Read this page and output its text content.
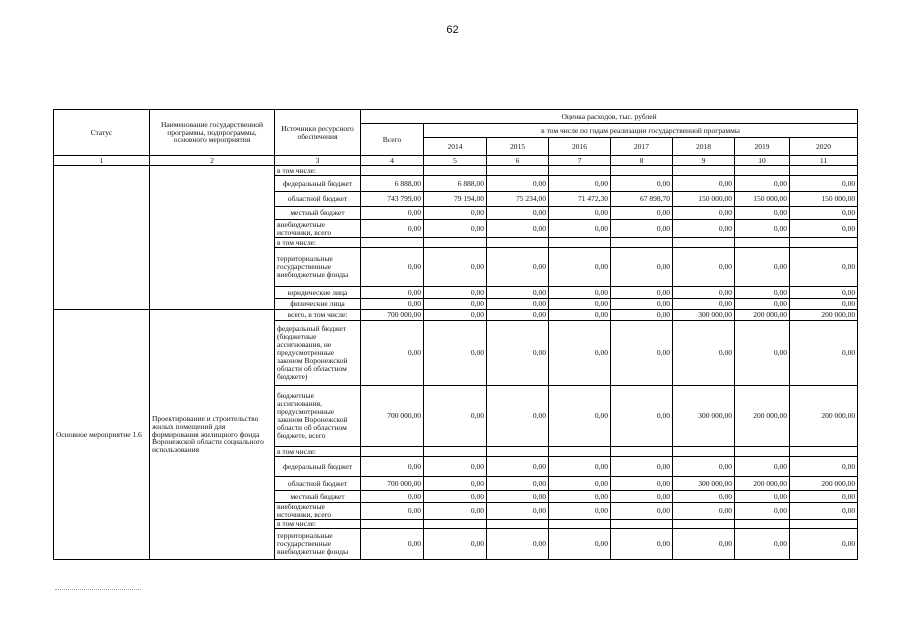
62
Статус	Наименование государственной программы, подпрограммы, основного мероприятия	Источники ресурсного обеспечения	Оценка расходов, тыс. рублей							
			Всего	в том числе по годам реализации государственной программы						
				2014	2015	2016	2017	2018	2019	2020
1	2	3	4	5	6	7	8	9	10	11
		в том числе:								
		федеральный бюджет	6 888,00	6 888,00	0,00	0,00	0,00	0,00	0,00	0,00
		областной бюджет	743 799,00	79 194,00	75 234,00	71 472,30	67 898,70	150 000,00	150 000,00	150 000,00
		местный бюджет	0,00	0,00	0,00	0,00	0,00	0,00	0,00	0,00
		внебюджетные источники, всего	0,00	0,00	0,00	0,00	0,00	0,00	0,00	0,00
		в том числе:								
		территориальные государственные внебюджетные фонды	0,00	0,00	0,00	0,00	0,00	0,00	0,00	0,00
		юридические лица	0,00	0,00	0,00	0,00	0,00	0,00	0,00	0,00
		физические лица	0,00	0,00	0,00	0,00	0,00	0,00	0,00	0,00
Основное мероприятие 1.6	Проектирование и строительство жилых помещений для формирования жилищного фонда Воронежской области социального использования	всего, в том числе:	700 000,00	0,00	0,00	0,00	0,00	300 000,00	200 000,00	200 000,00
		федеральный бюджет (бюджетные ассигнования, не предусмотренные законом Воронежской области об областном бюджете)	0,00	0,00	0,00	0,00	0,00	0,00	0,00	0,00
		бюджетные ассигнования, предусмотренные законом Воронежской области об областном бюджете, всего	700 000,00	0,00	0,00	0,00	0,00	300 000,00	200 000,00	200 000,00
		в том числе:								
		федеральный бюджет	0,00	0,00	0,00	0,00	0,00	0,00	0,00	0,00
		областной бюджет	700 000,00	0,00	0,00	0,00	0,00	300 000,00	200 000,00	200 000,00
		местный бюджет	0,00	0,00	0,00	0,00	0,00	0,00	0,00	0,00
		внебюджетные источники, всего	0,00	0,00	0,00	0,00	0,00	0,00	0,00	0,00
		в том числе:								
		территориальные государственные внебюджетные фонды	0,00	0,00	0,00	0,00	0,00	0,00	0,00	0,00
